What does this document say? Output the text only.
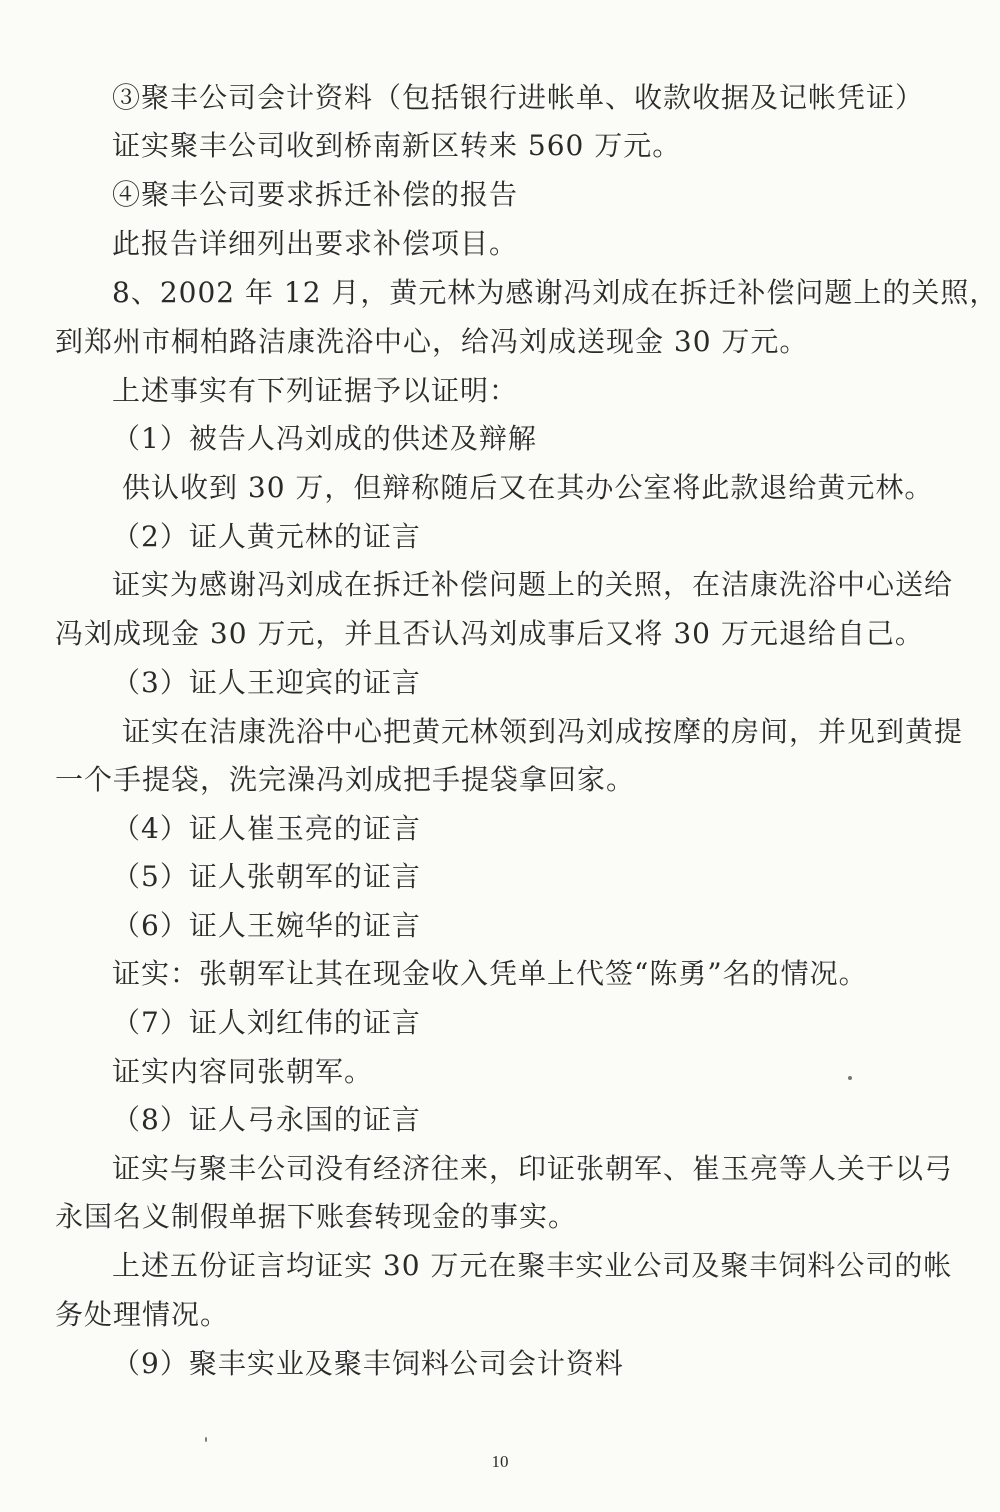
③聚丰公司会计资料（包括银行进帐单、收款收据及记帐凭证）
证实聚丰公司收到桥南新区转来 560 万元。
④聚丰公司要求拆迁补偿的报告
此报告详细列出要求补偿项目。
8、2002 年 12 月，黄元林为感谢冯刘成在拆迁补偿问题上的关照，
到郑州市桐柏路洁康洗浴中心，给冯刘成送现金 30 万元。
上述事实有下列证据予以证明：
（1）被告人冯刘成的供述及辩解
供认收到 30 万，但辩称随后又在其办公室将此款退给黄元林。
（2）证人黄元林的证言
证实为感谢冯刘成在拆迁补偿问题上的关照，在洁康洗浴中心送给
冯刘成现金 30 万元，并且否认冯刘成事后又将 30 万元退给自己。
（3）证人王迎宾的证言
证实在洁康洗浴中心把黄元林领到冯刘成按摩的房间，并见到黄提
一个手提袋，洗完澡冯刘成把手提袋拿回家。
（4）证人崔玉亮的证言
（5）证人张朝军的证言
（6）证人王婉华的证言
证实：张朝军让其在现金收入凭单上代签“陈勇”名的情况。
（7）证人刘红伟的证言
证实内容同张朝军。
（8）证人弓永国的证言
证实与聚丰公司没有经济往来，印证张朝军、崔玉亮等人关于以弓
永国名义制假单据下账套转现金的事实。
上述五份证言均证实 30 万元在聚丰实业公司及聚丰饲料公司的帐
务处理情况。
（9）聚丰实业及聚丰饲料公司会计资料
10
